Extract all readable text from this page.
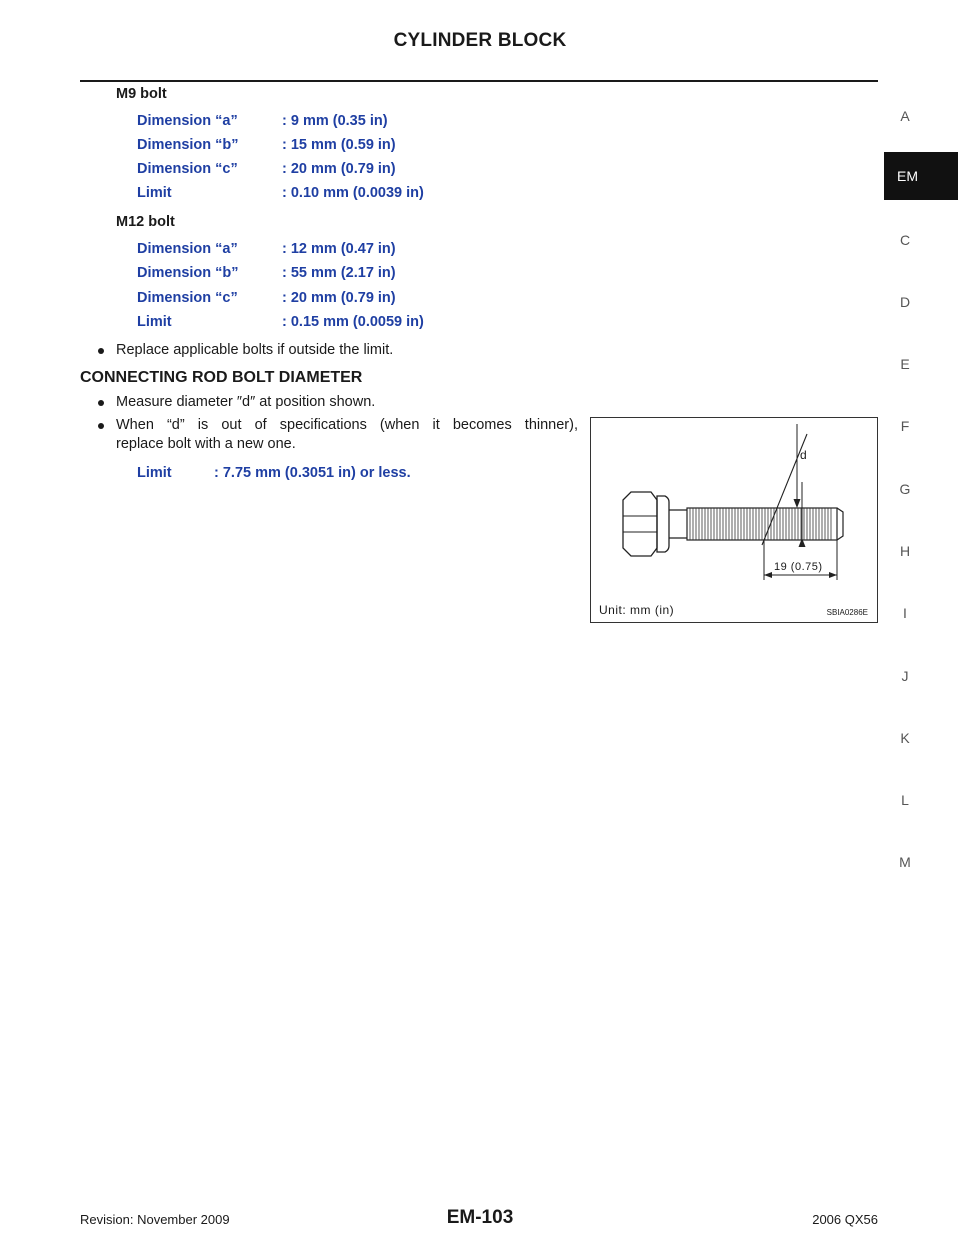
CYLINDER BLOCK
M9 bolt
Dimension “a”	: 9 mm (0.35 in)
Dimension “b”	: 15 mm (0.59 in)
Dimension “c”	: 20 mm (0.79 in)
Limit	: 0.10 mm (0.0039 in)
M12 bolt
Dimension “a”	: 12 mm (0.47 in)
Dimension “b”	: 55 mm (2.17 in)
Dimension “c”	: 20 mm (0.79 in)
Limit	: 0.15 mm (0.0059 in)
Replace applicable bolts if outside the limit.
CONNECTING ROD BOLT DIAMETER
Measure diameter ″d″ at position shown.
When “d” is out of specifications (when it becomes thinner),
replace bolt with a new one.
Limit	: 7.75 mm (0.3051 in) or less.
d
19 (0.75)
Unit: mm (in)	SBIA0286E
A
EM
C
D
E
F
G
H
I
J
K
L
M
Revision: November 2009	EM-103	2006 QX56
